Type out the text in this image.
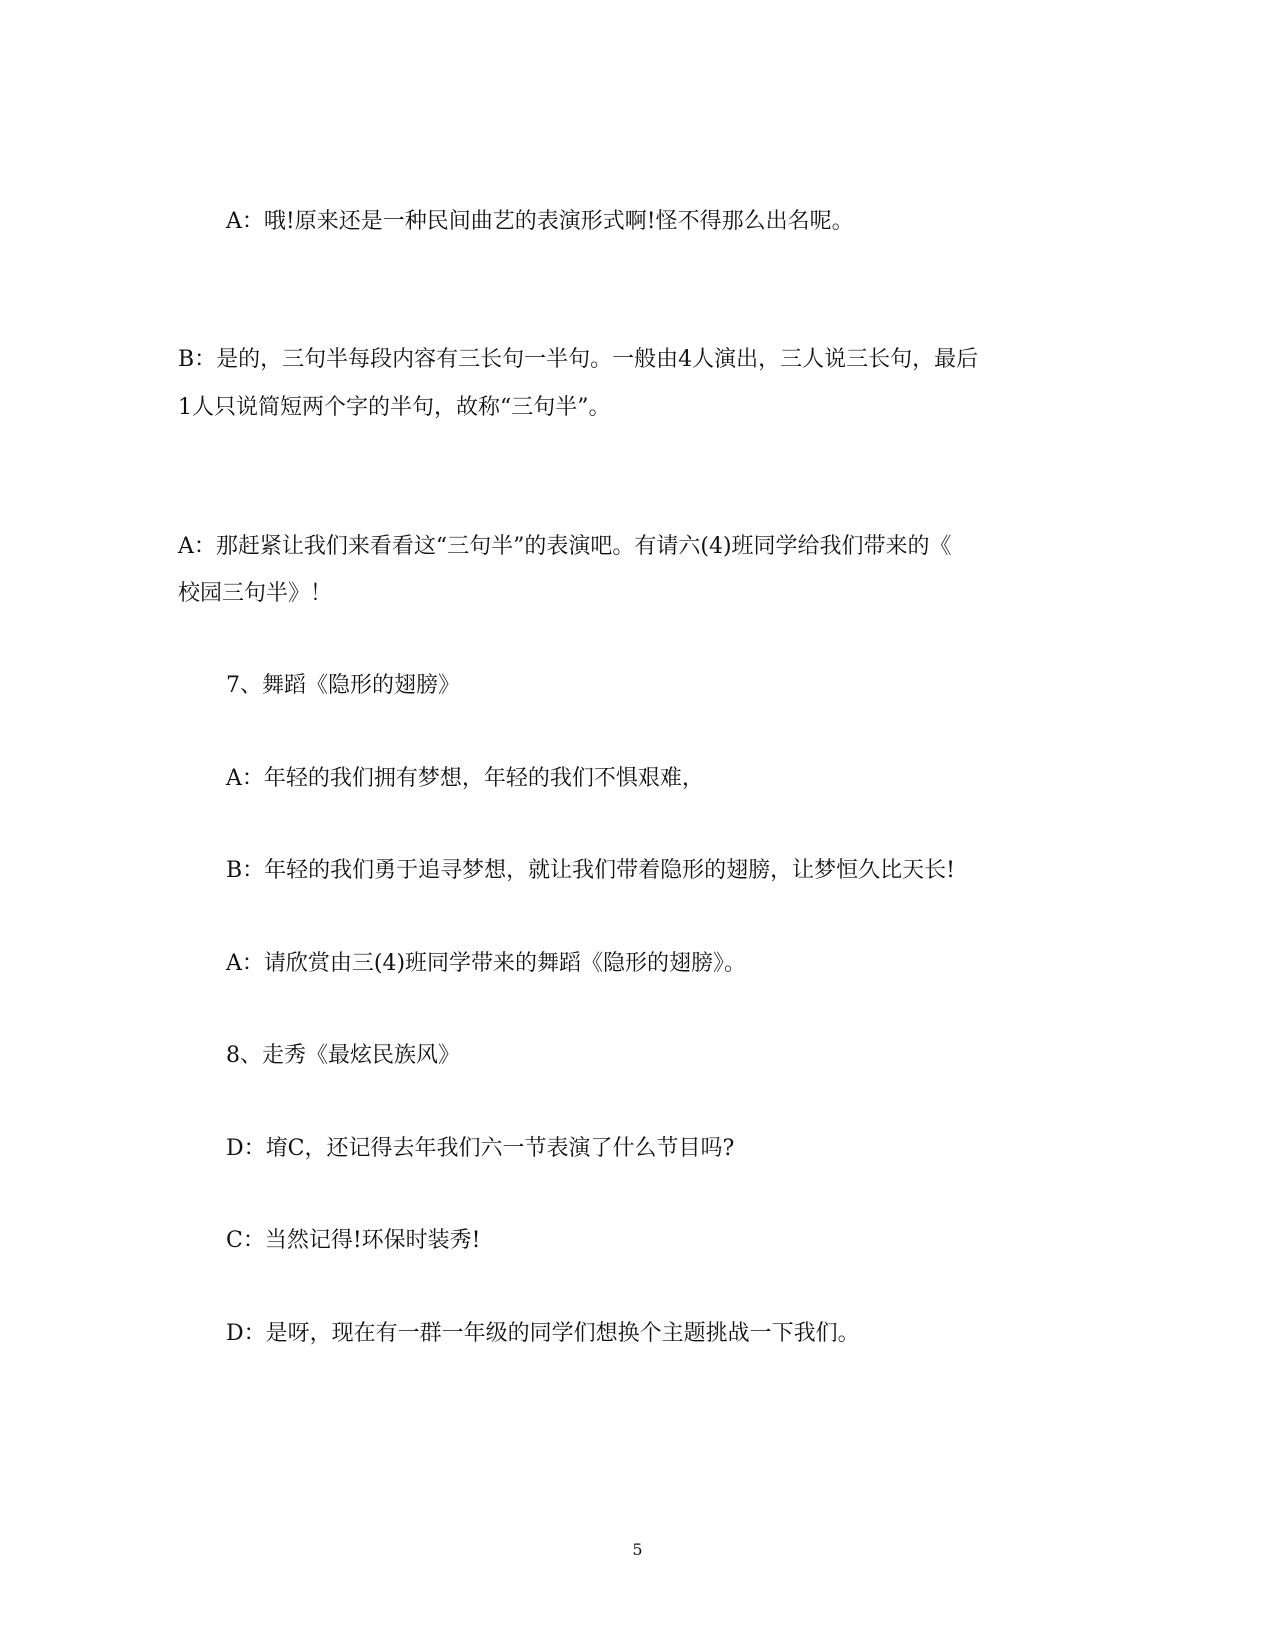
A：哦!原来还是一种民间曲艺的表演形式啊!怪不得那么出名呢。

B：是的，三句半每段内容有三长句一半句。一般由4人演出，三人说三长句，最后

1人只说简短两个字的半句，故称“三句半”。

A：那赶紧让我们来看看这“三句半”的表演吧。有请六(4)班同学给我们带来的《

校园三句半》！

7、舞蹈《隐形的翅膀》

A：年轻的我们拥有梦想，年轻的我们不惧艰难，

B：年轻的我们勇于追寻梦想，就让我们带着隐形的翅膀，让梦恒久比天长!

A：请欣赏由三(4)班同学带来的舞蹈《隐形的翅膀》。

8、走秀《最炫民族风》

D：堉C，还记得去年我们六一节表演了什么节目吗?

C：当然记得!环保时装秀!

D：是呀，现在有一群一年级的同学们想换个主题挑战一下我们。

5
